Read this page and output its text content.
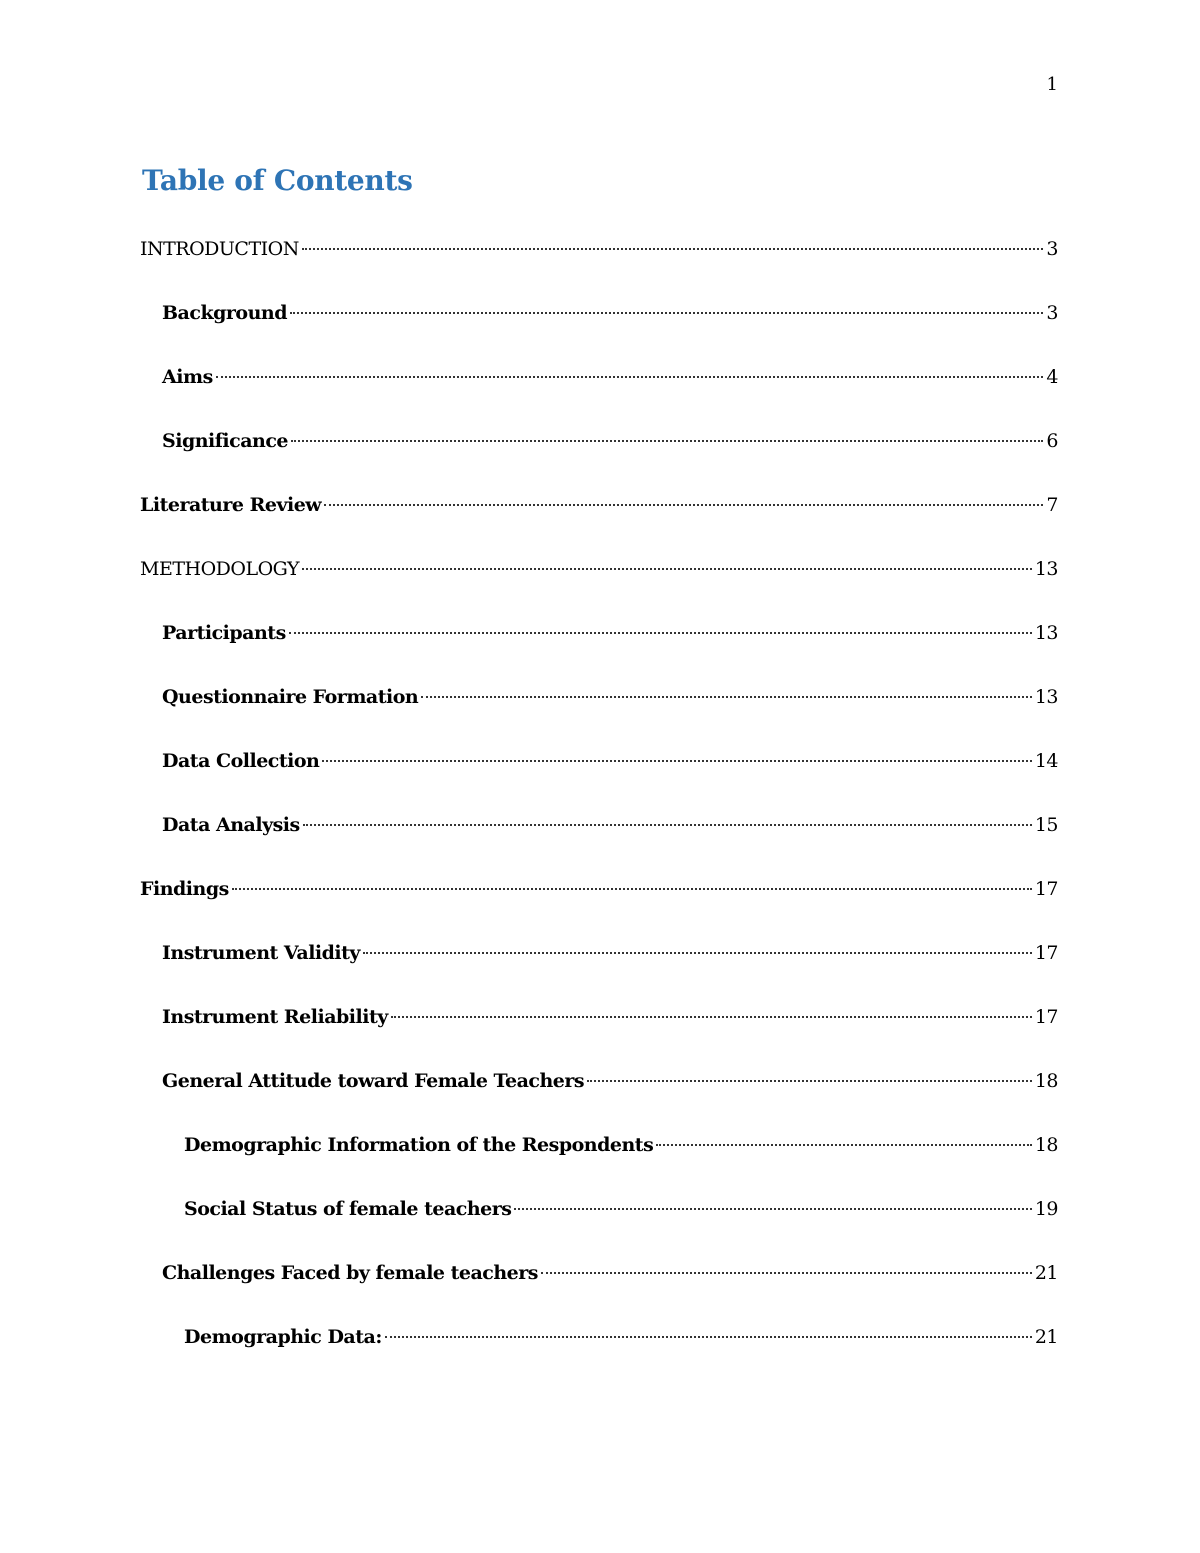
1
Table of Contents
INTRODUCTION	3
Background	3
Aims	4
Significance	6
Literature Review	7
METHODOLOGY	13
Participants	13
Questionnaire Formation	13
Data Collection	14
Data Analysis	15
Findings	17
Instrument Validity	17
Instrument Reliability	17
General Attitude toward Female Teachers	18
Demographic Information of the Respondents	18
Social Status of female teachers	19
Challenges Faced by female teachers	21
Demographic Data:	21
